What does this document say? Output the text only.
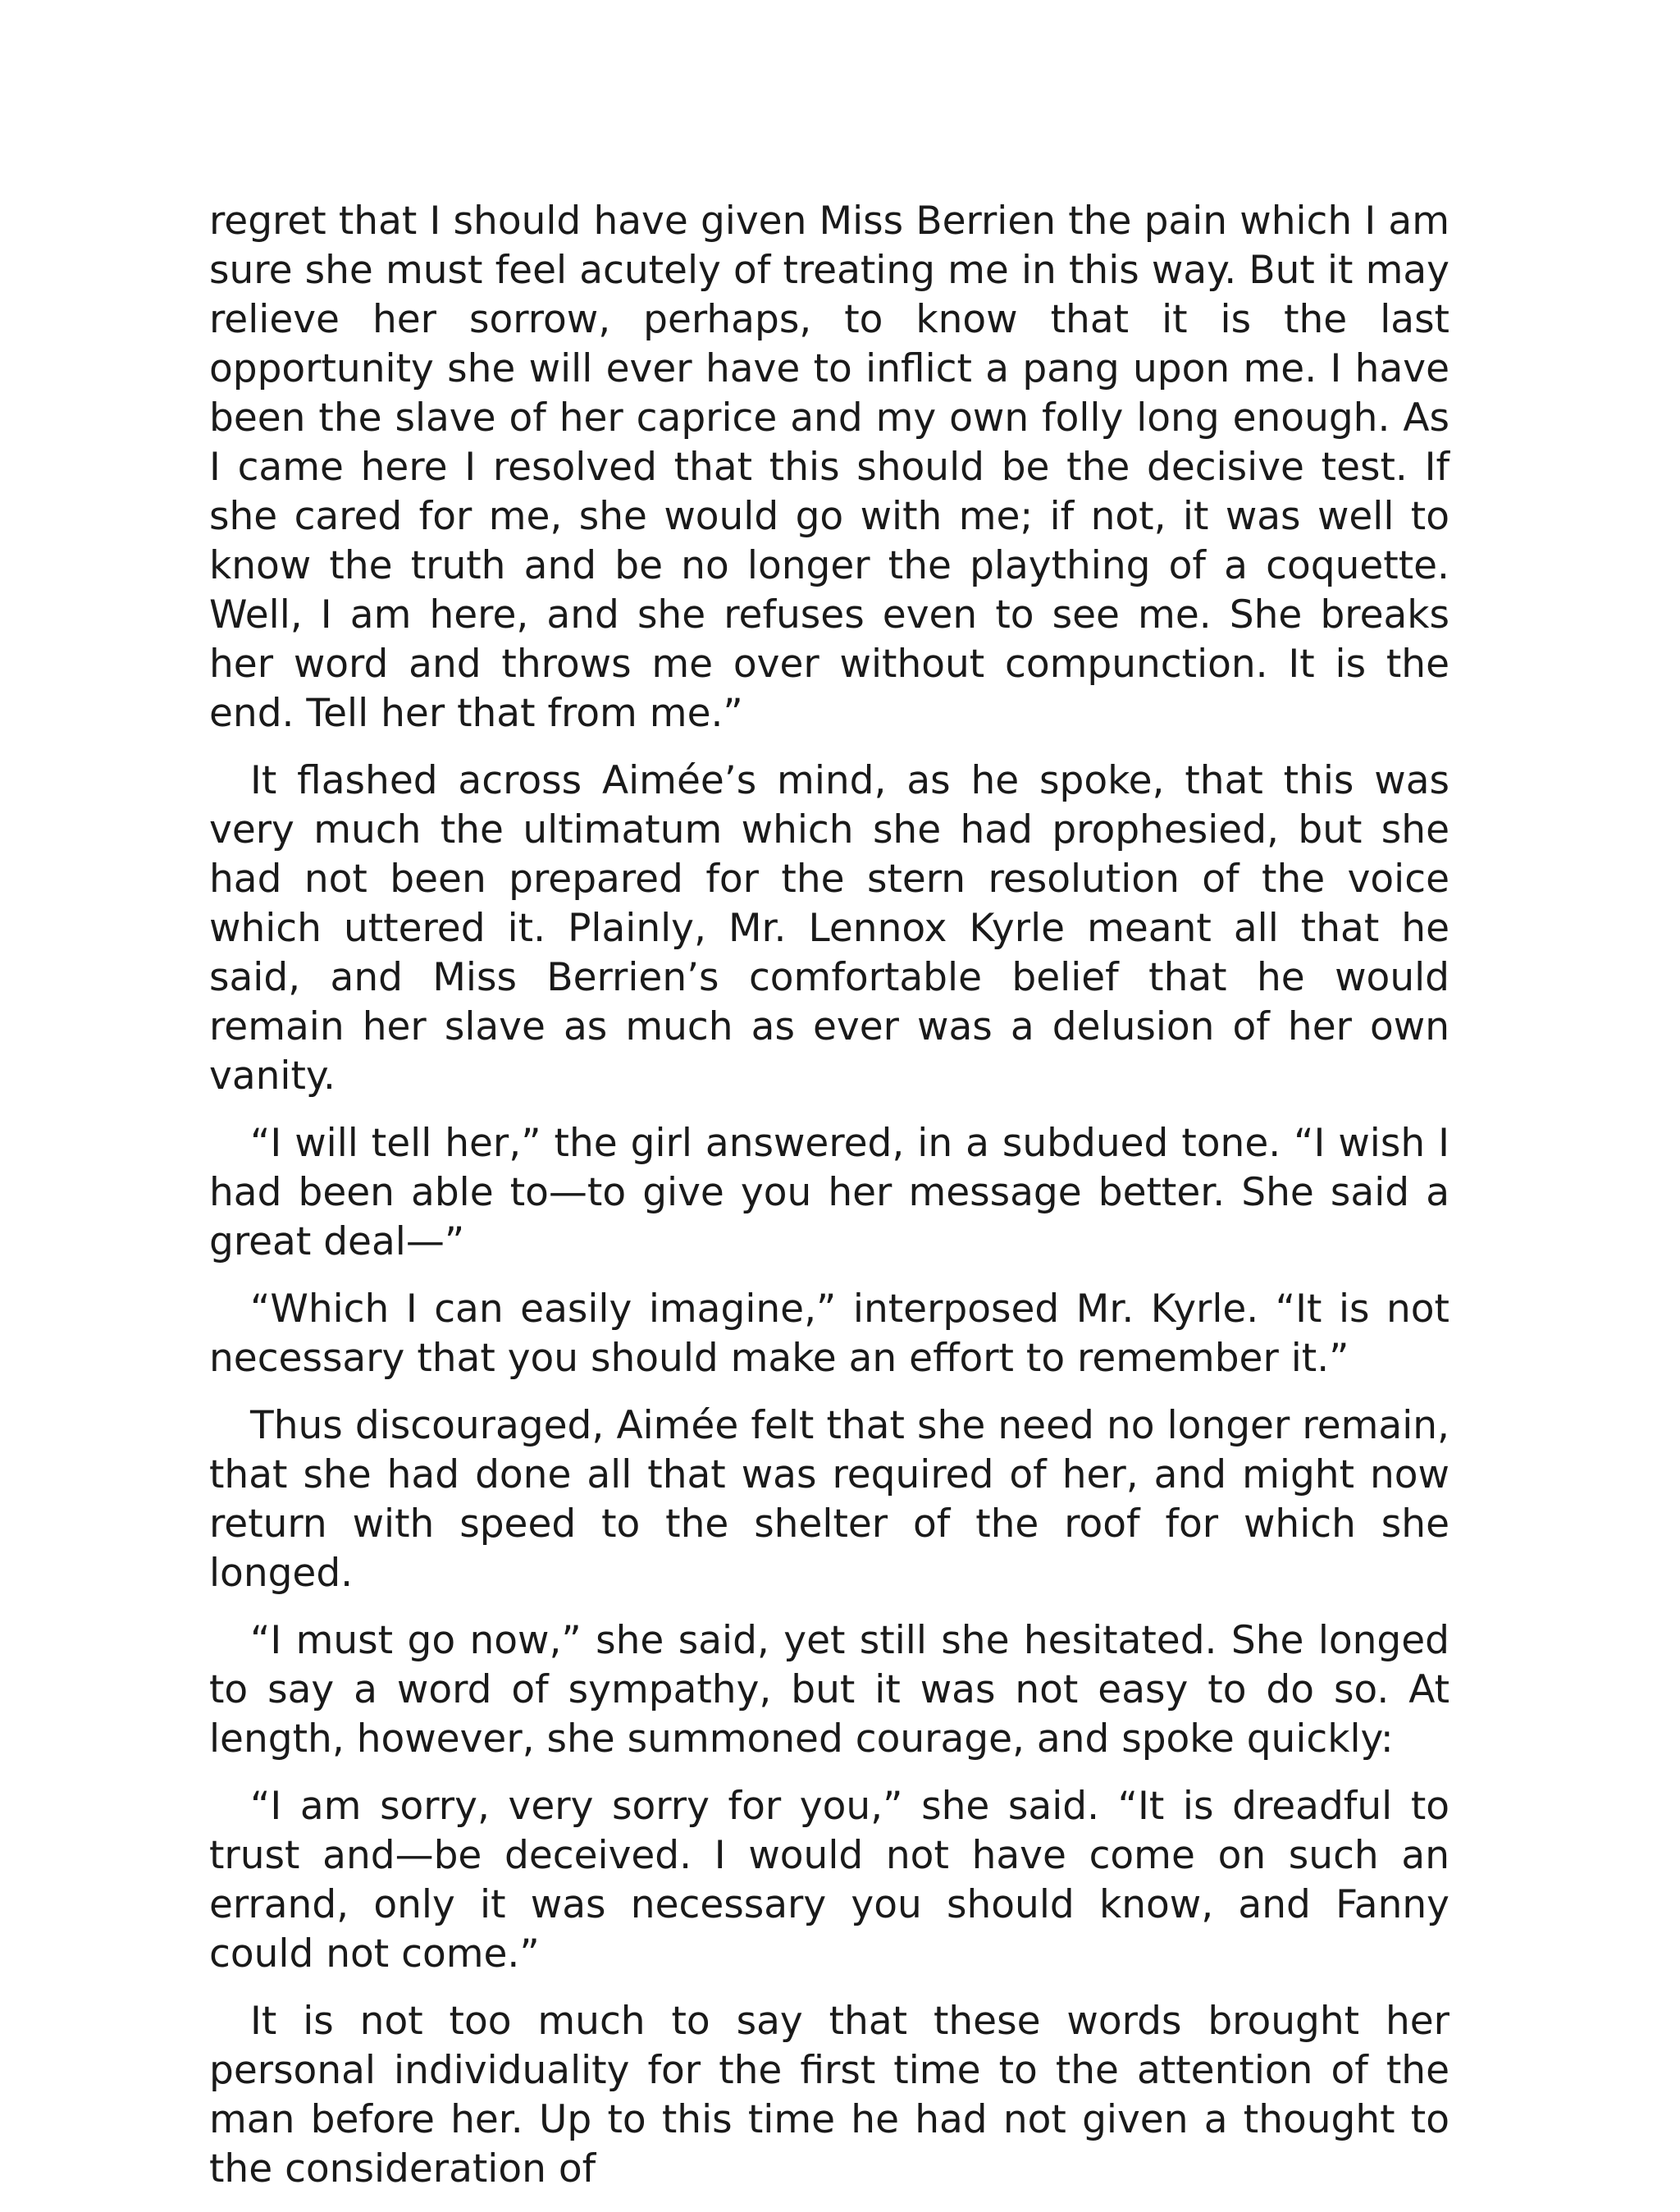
regret that I should have given Miss Berrien the pain which I am sure she must feel acutely of treating me in this way. But it may relieve her sorrow, perhaps, to know that it is the last opportunity she will ever have to inflict a pang upon me. I have been the slave of her caprice and my own folly long enough. As I came here I resolved that this should be the decisive test. If she cared for me, she would go with me; if not, it was well to know the truth and be no longer the plaything of a coquette. Well, I am here, and she refuses even to see me. She breaks her word and throws me over without compunction. It is the end. Tell her that from me.”

It flashed across Aimée’s mind, as he spoke, that this was very much the ultimatum which she had prophesied, but she had not been prepared for the stern resolution of the voice which uttered it. Plainly, Mr. Lennox Kyrle meant all that he said, and Miss Berrien’s comfortable belief that he would remain her slave as much as ever was a delusion of her own vanity.

“I will tell her,” the girl answered, in a subdued tone. “I wish I had been able to—to give you her message better. She said a great deal—”

“Which I can easily imagine,” interposed Mr. Kyrle. “It is not necessary that you should make an effort to remember it.”

Thus discouraged, Aimée felt that she need no longer remain, that she had done all that was required of her, and might now return with speed to the shelter of the roof for which she longed.

“I must go now,” she said, yet still she hesitated. She longed to say a word of sympathy, but it was not easy to do so. At length, however, she summoned courage, and spoke quickly:

“I am sorry, very sorry for you,” she said. “It is dreadful to trust and—be deceived. I would not have come on such an errand, only it was necessary you should know, and Fanny could not come.”

It is not too much to say that these words brought her personal individuality for the first time to the attention of the man before her. Up to this time he had not given a thought to the consideration of
